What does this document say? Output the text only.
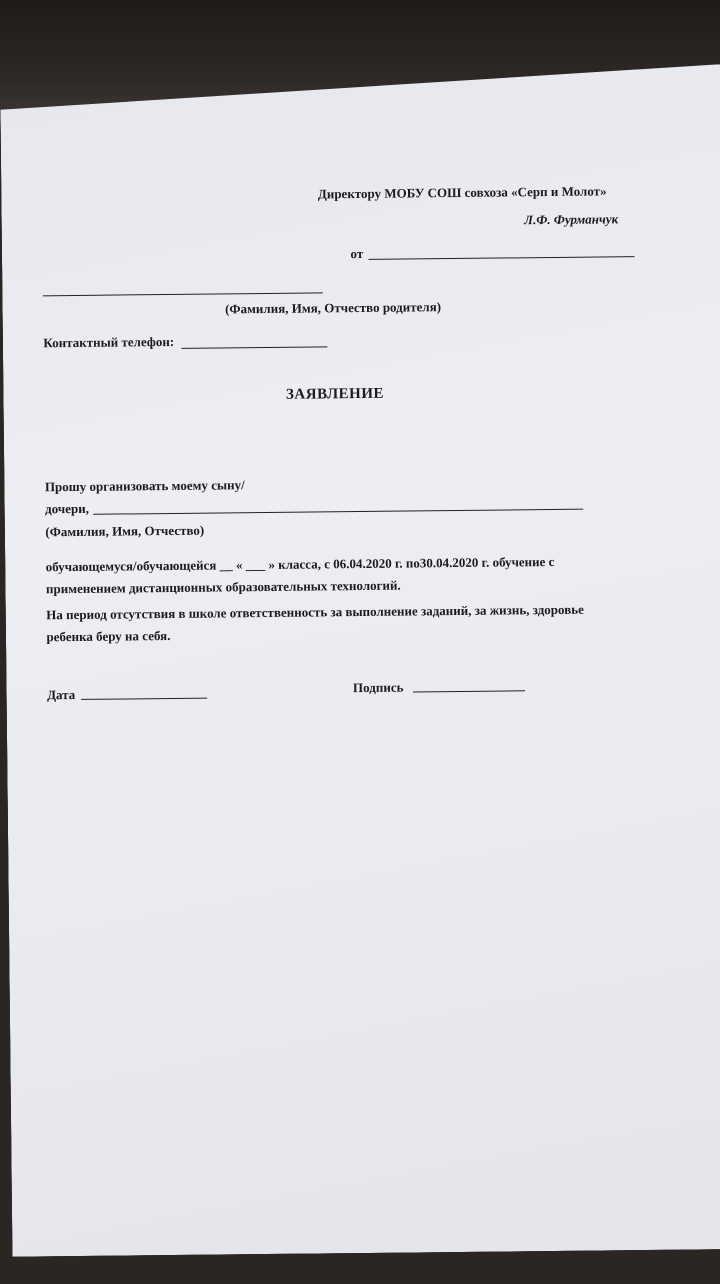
Директору МОБУ СОШ совхоза «Серп и Молот»
Л.Ф. Фурманчук
от
(Фамилия, Имя, Отчество родителя)
Контактный телефон:
ЗАЯВЛЕНИЕ
Прошу организовать моему сыну/
дочери,
(Фамилия, Имя, Отчество)
обучающемуся/обучающейся __ « ___ » класса, с 06.04.2020 г. по30.04.2020 г. обучение с
применением дистанционных образовательных технологий.
На период отсутствия в школе ответственность за выполнение заданий, за жизнь, здоровье
ребенка беру на себя.
Дата	Подпись
